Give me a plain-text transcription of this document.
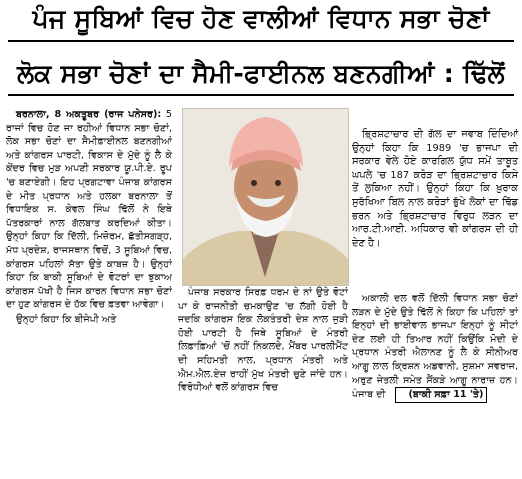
ਪੰਜ ਸੂਬਿਆਂ ਵਿਚ ਹੋਣ ਵਾਲੀਆਂ ਵਿਧਾਨ ਸਭਾ ਚੋਣਾਂ
ਲੋਕ ਸਭਾ ਚੋਣਾਂ ਦਾ ਸੈਮੀ-ਫਾਈਨਲ ਬਣਨਗੀਆਂ : ਢਿੱਲੋਂ

ਬਰਨਾਲਾ, 8 ਅਕਤੂਬਰ (ਰਾਜ ਪਨੇਸਰ): 5 ਰਾਜਾਂ ਵਿਚ ਹੋਣ ਜਾ ਰਹੀਆਂ ਵਿਧਾਨ ਸਭਾ ਚੋਣਾਂ, ਲੋਕ ਸਭਾ ਚੋਣਾਂ ਦਾ ਸੈਮੀਫ਼ਾਈਨਲ ਬਣਨਗੀਆਂ ਅਤੇ ਕਾਂਗਰਸ ਪਾਰਟੀ, ਵਿਕਾਸ ਦੇ ਮੁੱਦੇ ਨੂੰ ਲੈ ਕੇ ਕੇਂਦਰ ਵਿਚ ਮੁੜ ਅਪਣੀ ਸਰਕਾਰ ਯੂ.ਪੀ.ਏ. ਰੂਪ 'ਚ ਬਣਾਏਗੀ। ਇਹ ਪ੍ਰਗਟਾਵਾ ਪੰਜਾਬ ਕਾਂਗਰਸ ਦੇ ਮੀਤ ਪ੍ਰਧਾਨ ਅਤੇ ਹਲਕਾ ਬਰਨਾਲਾ ਤੋਂ ਵਿਧਾਇਕ ਸ. ਕੇਵਲ ਸਿੰਘ ਢਿੱਲੋਂ ਨੇ ਇਥੇ ਪੱਤਰਕਾਰਾਂ ਨਾਲ ਗੱਲਬਾਤ ਕਰਦਿਆਂ ਕੀਤਾ। ਉਨ੍ਹਾਂ ਕਿਹਾ ਕਿ ਦਿੱਲੀ, ਮਿਜ਼ੋਰਮ, ਛੱਤੀਸਗੜ੍ਹ, ਮੱਧ ਪ੍ਰਦੇਸ਼, ਰਾਜਸਥਾਨ ਵਿਚੋਂ, 3 ਸੂਬਿਆਂ ਵਿਚ, ਕਾਂਗਰਸ ਪਹਿਲਾਂ ਸੱਤਾ ਉਤੇ ਕਾਬਜ਼ ਹੈ। ਉਨ੍ਹਾਂ ਕਿਹਾ ਕਿ ਬਾਕੀ ਸੂਬਿਆਂ ਦੇ ਵੋਟਰਾਂ ਦਾ ਝੁਕਾਅ ਕਾਂਗਰਸ ਪੱਖੀ ਹੈ ਜਿਸ ਕਾਰਨ ਵਿਧਾਨ ਸਭਾ ਚੋਣਾਂ ਦਾ ਹੁਣ ਕਾਂਗਰਸ ਦੇ ਹੱਕ ਵਿਚ ਫ਼ਤਵਾ ਆਵੇਗਾ।

ਉਨ੍ਹਾਂ ਕਿਹਾ ਕਿ ਬੀਜੇਪੀ ਅਤੇ

ਪੰਜਾਬ ਸਰਕਾਰ ਸਿਰਫ਼ ਧਰਮ ਦੇ ਨਾਂ ਉਤੇ ਵੋਟਾਂ ਪਾ ਕੇ ਰਾਜਨੀਤੀ ਚਮਕਾਉਣ 'ਚ ਲੱਗੀ ਹੋਈ ਹੈ ਜਦਕਿ ਕਾਂਗਰਸ ਇਕ ਲੋਕਤੰਤਰੀ ਦੇਸ਼ ਨਾਲ ਜੁੜੀ ਹੋਈ ਪਾਰਟੀ ਹੈ ਜਿਥੇ ਸੂਬਿਆਂ ਦੇ ਮੰਤਰੀ ਲਿਫ਼ਾਫ਼ਿਆਂ 'ਚੋਂ ਨਹੀਂ ਨਿਕਲਦੇ, ਮੈਂਬਰ ਪਾਰਲੀਮੈਂਟ ਦੀ ਸਹਿਮਤੀ ਨਾਲ, ਪ੍ਰਧਾਨ ਮੰਤਰੀ ਅਤੇ ਐਮ.ਐਲ.ਏਜ਼ ਰਾਹੀਂ ਮੁੱਖ ਮੰਤਰੀ ਚੁਣੇ ਜਾਂਦੇ ਹਨ। ਵਿਰੋਧੀਆਂ ਵਲੋਂ ਕਾਂਗਰਸ ਵਿਚ

ਭ੍ਰਿਸ਼ਟਾਚਾਰ ਦੀ ਗੱਲ ਦਾ ਜਵਾਬ ਦਿੰਦਿਆਂ ਉਨ੍ਹਾਂ ਕਿਹਾ ਕਿ 1989 'ਚ ਭਾਜਪਾ ਦੀ ਸਰਕਾਰ ਵੇਲੇ ਹੋਏ ਕਾਰਗਿਲ ਯੁੱਧ ਸਮੇਂ ਤਾਬੂਤ ਘਪਲੇ 'ਚ 187 ਕਰੋੜ ਦਾ ਭ੍ਰਿਸ਼ਟਾਚਾਰ ਕਿਸੇ ਤੋਂ ਲੁਕਿਆ ਨਹੀਂ। ਉਨ੍ਹਾਂ ਕਿਹਾ ਕਿ ਖ਼ੁਰਾਕ ਸੁਰੱਖਿਆ ਬਿਲ ਨਾਲ ਕਰੋੜਾਂ ਭੁੱਖੇ ਲੋਕਾਂ ਦਾ ਢਿੱਡ ਭਰਨ ਅਤੇ ਭ੍ਰਿਸ਼ਟਾਚਾਰ ਵਿਰੁਧ ਲੜਨ ਦਾ ਆਰ.ਟੀ.ਆਈ. ਅਧਿਕਾਰ ਵੀ ਕਾਂਗਰਸ ਦੀ ਹੀ ਦੇਣ ਹੈ।

ਅਕਾਲੀ ਦਲ ਵਲੋਂ ਦਿੱਲੀ ਵਿਧਾਨ ਸਭਾ ਚੋਣਾਂ ਲੜਨ ਦੇ ਮੁੱਦੇ ਉਤੇ ਢਿੱਲੋਂ ਨੇ ਕਿਹਾ ਕਿ ਪਹਿਲਾਂ ਤਾਂ ਇਨ੍ਹਾਂ ਦੀ ਭਾਈਵਾਲ ਭਾਜਪਾ ਇਨ੍ਹਾਂ ਨੂੰ ਸੀਟਾਂ ਦੇਣ ਲਈ ਹੀ ਤਿਆਰ ਨਹੀਂ ਕਿਉਂਕਿ ਮੋਦੀ ਦੇ ਪ੍ਰਧਾਨ ਮੰਤਰੀ ਐਲਾਨਣ ਨੂੰ ਲੈ ਕੇ ਸੀਨੀਅਰ ਆਗੂ ਲਾਲ ਕ੍ਰਿਸ਼ਨ ਅਡਵਾਨੀ, ਸੁਸ਼ਮਾ ਸਵਰਾਜ, ਅਰੁਣ ਜੇਤਲੀ ਸਮੇਤ ਸੈਂਕੜੇ ਆਗੂ ਨਾਰਾਜ਼ ਹਨ। ਪੰਜਾਬ ਦੀ (ਬਾਕੀ ਸਫ਼ਾ 11 'ਤੇ)
